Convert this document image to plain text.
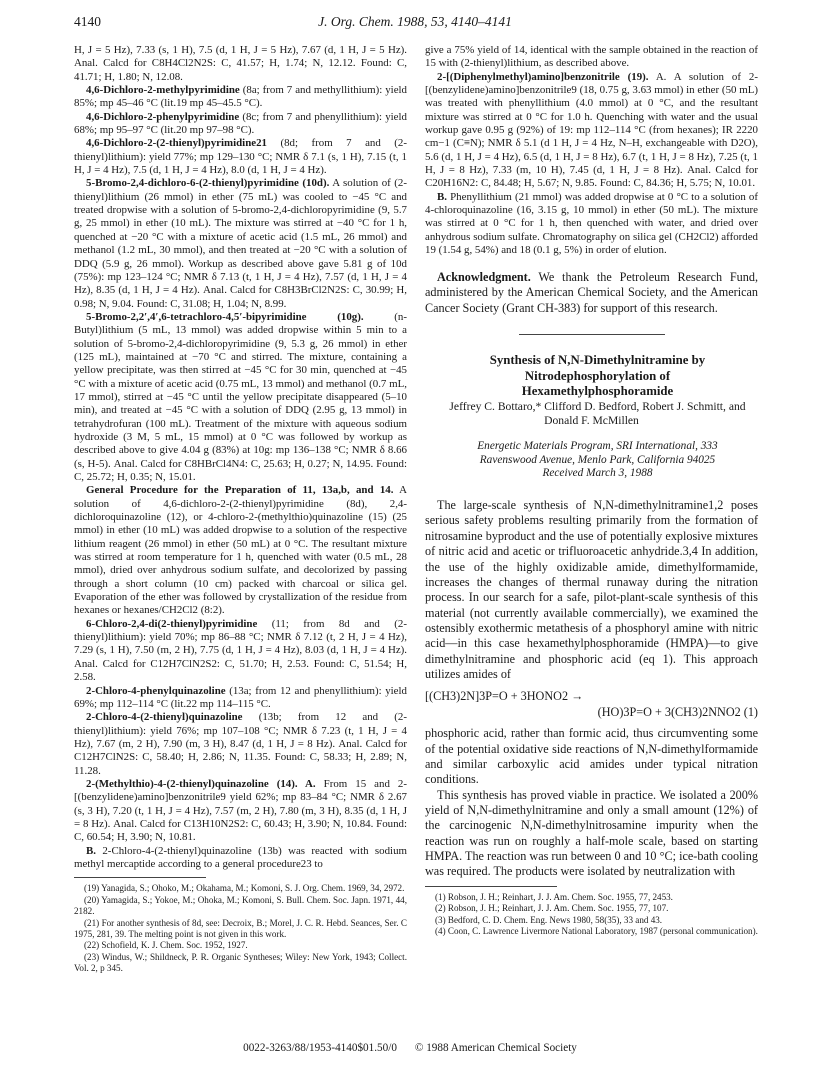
4140	J. Org. Chem. 1988, 53, 4140–4141

H, J = 5 Hz), 7.33 (s, 1 H), 7.5 (d, 1 H, J = 5 Hz), 7.67 (d, 1 H, J = 5 Hz). Anal. Calcd for C8H4Cl2N2S: C, 41.57; H, 1.74; N, 12.12. Found: C, 41.71; H, 1.80; N, 12.08.

4,6-Dichloro-2-methylpyrimidine (8a; from 7 and methyllithium): yield 85%; mp 45–46 °C (lit.19 mp 45–45.5 °C).

4,6-Dichloro-2-phenylpyrimidine (8c; from 7 and phenyllithium): yield 68%; mp 95–97 °C (lit.20 mp 97–98 °C).

4,6-Dichloro-2-(2-thienyl)pyrimidine21 (8d; from 7 and (2-thienyl)lithium): yield 77%; mp 129–130 °C; NMR δ 7.1 (s, 1 H), 7.15 (t, 1 H, J = 4 Hz), 7.5 (d, 1 H, J = 4 Hz), 8.0 (d, 1 H, J = 4 Hz).

5-Bromo-2,4-dichloro-6-(2-thienyl)pyrimidine (10d). A solution of (2-thienyl)lithium (26 mmol) in ether (75 mL) was cooled to −45 °C and treated dropwise with a solution of 5-bromo-2,4-dichloropyrimidine (9, 5.7 g, 25 mmol) in ether (10 mL). The mixture was stirred at −40 °C for 1 h, quenched at −20 °C with a mixture of acetic acid (1.5 mL, 26 mmol) and methanol (1.2 mL, 30 mmol), and then treated at −20 °C with a solution of DDQ (5.9 g, 26 mmol). Workup as described above gave 5.81 g of 10d (75%): mp 123–124 °C; NMR δ 7.13 (t, 1 H, J = 4 Hz), 7.57 (d, 1 H, J = 4 Hz), 8.35 (d, 1 H, J = 4 Hz). Anal. Calcd for C8H3BrCl2N2S: C, 30.99; H, 0.98; N, 9.04. Found: C, 31.08; H, 1.04; N, 8.99.

5-Bromo-2,2′,4′,6-tetrachloro-4,5′-bipyrimidine (10g). (n-Butyl)lithium (5 mL, 13 mmol) was added dropwise within 5 min to a solution of 5-bromo-2,4-dichloropyrimidine (9, 5.3 g, 26 mmol) in ether (125 mL), maintained at −70 °C and stirred. The mixture, containing a yellow precipitate, was then stirred at −45 °C for 30 min, quenched at −45 °C with a mixture of acetic acid (0.75 mL, 13 mmol) and methanol (0.7 mL, 17 mmol), stirred at −45 °C until the yellow precipitate disappeared (5–10 min), and treated at −45 °C with a solution of DDQ (2.95 g, 13 mmol) in tetrahydrofuran (100 mL). Treatment of the mixture with aqueous sodium hydroxide (3 M, 5 mL, 15 mmol) at 0 °C was followed by workup as described above to give 4.04 g (83%) at 10g: mp 136–138 °C; NMR δ 8.66 (s, H-5). Anal. Calcd for C8HBrCl4N4: C, 25.63; H, 0.27; N, 14.95. Found: C, 25.72; H, 0.35; N, 15.01.

General Procedure for the Preparation of 11, 13a,b, and 14. A solution of 4,6-dichloro-2-(2-thienyl)pyrimidine (8d), 2,4-dichloroquinazoline (12), or 4-chloro-2-(methylthio)quinazoline (15) (25 mmol) in ether (10 mL) was added dropwise to a solution of the respective lithium reagent (26 mmol) in ether (50 mL) at 0 °C. The resultant mixture was stirred at room temperature for 1 h, quenched with water (0.5 mL, 28 mmol), dried over anhydrous sodium sulfate, and decolorized by passing through a short column (10 cm) packed with charcoal or silica gel. Evaporation of the ether was followed by crystallization of the residue from hexanes or hexanes/CH2Cl2 (8:2).

6-Chloro-2,4-di(2-thienyl)pyrimidine (11; from 8d and (2-thienyl)lithium): yield 70%; mp 86–88 °C; NMR δ 7.12 (t, 2 H, J = 4 Hz), 7.29 (s, 1 H), 7.50 (m, 2 H), 7.75 (d, 1 H, J = 4 Hz), 8.03 (d, 1 H, J = 4 Hz). Anal. Calcd for C12H7ClN2S2: C, 51.70; H, 2.53. Found: C, 51.54; H, 2.58.

2-Chloro-4-phenylquinazoline (13a; from 12 and phenyllithium): yield 69%; mp 112–114 °C (lit.22 mp 114–115 °C.

2-Chloro-4-(2-thienyl)quinazoline (13b; from 12 and (2-thienyl)lithium): yield 76%; mp 107–108 °C; NMR δ 7.23 (t, 1 H, J = 4 Hz), 7.67 (m, 2 H), 7.90 (m, 3 H), 8.47 (d, 1 H, J = 8 Hz). Anal. Calcd for C12H7ClN2S: C, 58.40; H, 2.86; N, 11.35. Found: C, 58.33; H, 2.89; N, 11.28.

2-(Methylthio)-4-(2-thienyl)quinazoline (14). A. From 15 and 2-[(benzylidene)amino]benzonitrile9 yield 62%; mp 83–84 °C; NMR δ 2.67 (s, 3 H), 7.20 (t, 1 H, J = 4 Hz), 7.57 (m, 2 H), 7.80 (m, 3 H), 8.35 (d, 1 H, J = 8 Hz). Anal. Calcd for C13H10N2S2: C, 60.43; H, 3.90; N, 10.84. Found: C, 60.54; H, 3.90; N, 10.81.

B. 2-Chloro-4-(2-thienyl)quinazoline (13b) was reacted with sodium methyl mercaptide according to a general procedure23 to

(19) Yanagida, S.; Ohoko, M.; Okahama, M.; Komoni, S. J. Org. Chem. 1969, 34, 2972.

(20) Yamagida, S.; Yokoe, M.; Ohoka, M.; Komoni, S. Bull. Chem. Soc. Japn. 1971, 44, 2182.

(21) For another synthesis of 8d, see: Decroix, B.; Morel, J. C. R. Hebd. Seances, Ser. C 1975, 281, 39. The melting point is not given in this work.

(22) Schofield, K. J. Chem. Soc. 1952, 1927.

(23) Windus, W.; Shildneck, P. R. Organic Syntheses; Wiley: New York, 1943; Collect. Vol. 2, p 345.

give a 75% yield of 14, identical with the sample obtained in the reaction of 15 with (2-thienyl)lithium, as described above.

2-[(Diphenylmethyl)amino]benzonitrile (19). A. A solution of 2-[(benzylidene)amino]benzonitrile9 (18, 0.75 g, 3.63 mmol) in ether (50 mL) was treated with phenyllithium (4.0 mmol) at 0 °C, and the resultant mixture was stirred at 0 °C for 1.0 h. Quenching with water and the usual workup gave 0.95 g (92%) of 19: mp 112–114 °C (from hexanes); IR 2220 cm−1 (C≡N); NMR δ 5.1 (d 1 H, J = 4 Hz, N–H, exchangeable with D2O), 5.6 (d, 1 H, J = 4 Hz), 6.5 (d, 1 H, J = 8 Hz), 6.7 (t, 1 H, J = 8 Hz), 7.25 (t, 1 H, J = 8 Hz), 7.33 (m, 10 H), 7.45 (d, 1 H, J = 8 Hz). Anal. Calcd for C20H16N2: C, 84.48; H, 5.67; N, 9.85. Found: C, 84.36; H, 5.75; N, 10.01.

B. Phenyllithium (21 mmol) was added dropwise at 0 °C to a solution of 4-chloroquinazoline (16, 3.15 g, 10 mmol) in ether (50 mL). The mixture was stirred at 0 °C for 1 h, then quenched with water, and dried over anhydrous sodium sulfate. Chromatography on silica gel (CH2Cl2) afforded 19 (1.54 g, 54%) and 18 (0.1 g, 5%) in order of elution.

Acknowledgment. We thank the Petroleum Research Fund, administered by the American Chemical Society, and the American Cancer Society (Grant CH-383) for support of this research.

Synthesis of N,N-Dimethylnitramine by

Nitrodephosphorylation of

Hexamethylphosphoramide

Jeffrey C. Bottaro,* Clifford D. Bedford, Robert J. Schmitt, and Donald F. McMillen

Energetic Materials Program, SRI International, 333

Ravenswood Avenue, Menlo Park, California 94025

Received March 3, 1988

The large-scale synthesis of N,N-dimethylnitramine1,2 poses serious safety problems resulting primarily from the formation of nitrosamine byproduct and the use of potentially explosive mixtures of nitric acid and acetic or trifluoroacetic anhydride.3,4 In addition, the use of the highly oxidizable amide, dimethylformamide, increases the changes of thermal runaway during the nitration process. In our search for a safe, pilot-plant-scale synthesis of this material (not currently available commercially), we examined the ostensibly exothermic metathesis of a phosphoryl amine with nitric acid—in this case hexamethylphosphoramide (HMPA)—to give dimethylnitramine and phosphoric acid (eq 1). This approach utilizes amides of

[(CH3)2N]3P=O + 3HONO2 →
(HO)3P=O + 3(CH3)2NNO2 (1)

phosphoric acid, rather than formic acid, thus circumventing some of the potential oxidative side reactions of N,N-dimethylformamide and similar carboxylic acid amides under typical nitration conditions.

This synthesis has proved viable in practice. We isolated a 200% yield of N,N-dimethylnitramine and only a small amount (12%) of the carcinogenic N,N-dimethylnitrosamine impurity when the reaction was run on roughly a half-mole scale, based on starting HMPA. The reaction was run between 0 and 10 °C; ice-bath cooling was required. The products were isolated by neutralization with

(1) Robson, J. H.; Reinhart, J. J. Am. Chem. Soc. 1955, 77, 2453.

(2) Robson, J. H.; Reinhart, J. J. Am. Chem. Soc. 1955, 77, 107.

(3) Bedford, C. D. Chem. Eng. News 1980, 58(35), 33 and 43.

(4) Coon, C. Lawrence Livermore National Laboratory, 1987 (personal communication).

0022-3263/88/1953-4140$01.50/0 © 1988 American Chemical Society
